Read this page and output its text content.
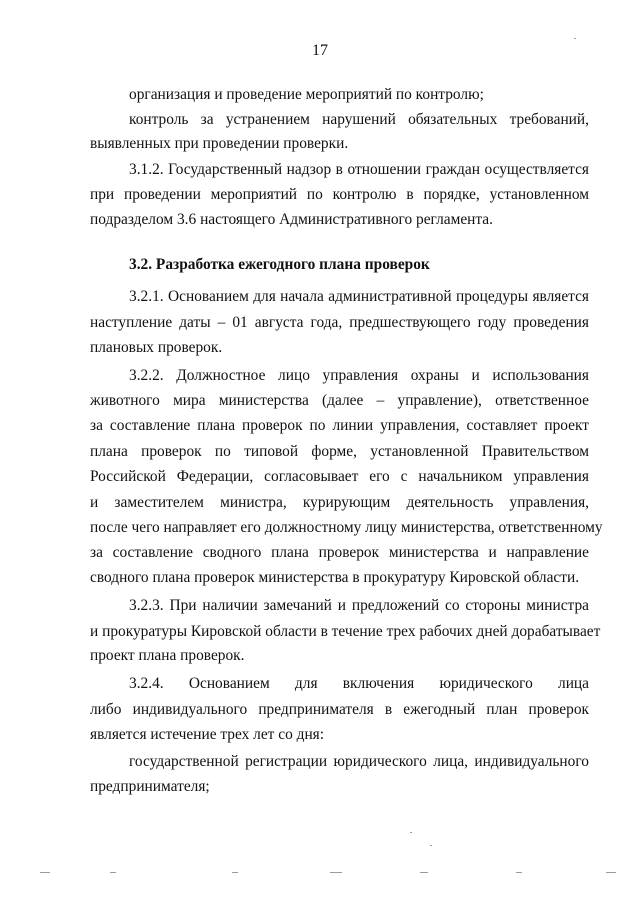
17
организация и проведение мероприятий по контролю;
контроль за устранением нарушений обязательных требований,
выявленных при проведении проверки.
3.1.2. Государственный надзор в отношении граждан осуществляется
при проведении мероприятий по контролю в порядке, установленном
подразделом 3.6 настоящего Административного регламента.
3.2. Разработка ежегодного плана проверок
3.2.1. Основанием для начала административной процедуры является
наступление даты – 01 августа года, предшествующего году проведения
плановых проверок.
3.2.2. Должностное лицо управления охраны и использования
животного мира министерства (далее – управление), ответственное
за составление плана проверок по линии управления, составляет проект
плана проверок по типовой форме, установленной Правительством
Российской Федерации, согласовывает его с начальником управления
и заместителем министра, курирующим деятельность управления,
после чего направляет его должностному лицу министерства, ответственному
за составление сводного плана проверок министерства и направление
сводного плана проверок министерства в прокуратуру Кировской области.
3.2.3. При наличии замечаний и предложений со стороны министра
и прокуратуры Кировской области в течение трех рабочих дней дорабатывает
проект плана проверок.
3.2.4. Основанием для включения юридического лица
либо индивидуального предпринимателя в ежегодный план проверок
является истечение трех лет со дня:
государственной регистрации юридического лица, индивидуального
предпринимателя;
